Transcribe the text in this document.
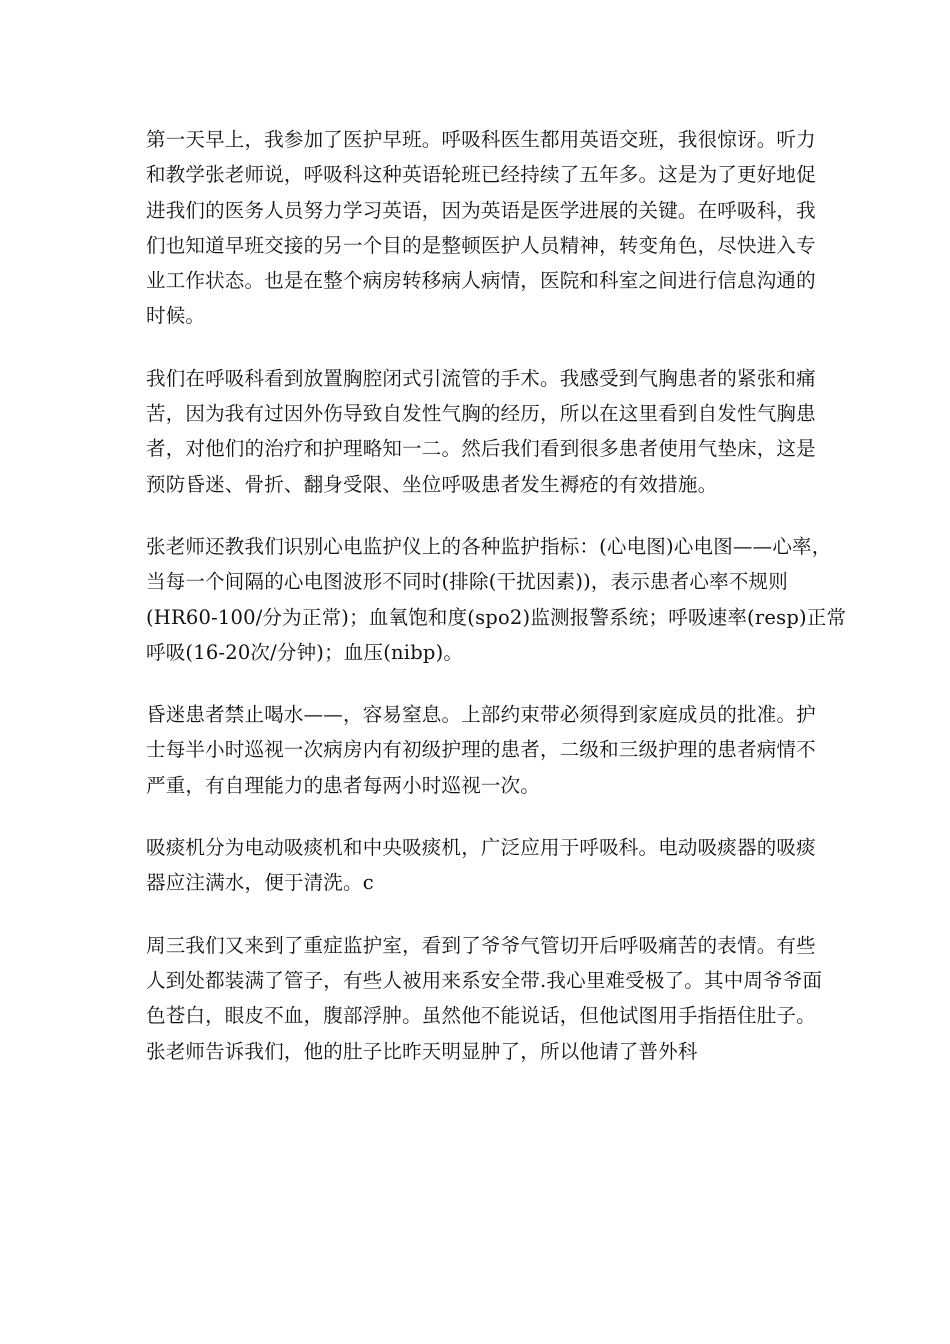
第一天早上，我参加了医护早班。呼吸科医生都用英语交班，我很惊讶。听力
和教学张老师说，呼吸科这种英语轮班已经持续了五年多。这是为了更好地促
进我们的医务人员努力学习英语，因为英语是医学进展的关键。在呼吸科，我
们也知道早班交接的另一个目的是整顿医护人员精神，转变角色，尽快进入专
业工作状态。也是在整个病房转移病人病情，医院和科室之间进行信息沟通的
时候。

我们在呼吸科看到放置胸腔闭式引流管的手术。我感受到气胸患者的紧张和痛
苦，因为我有过因外伤导致自发性气胸的经历，所以在这里看到自发性气胸患
者，对他们的治疗和护理略知一二。然后我们看到很多患者使用气垫床，这是
预防昏迷、骨折、翻身受限、坐位呼吸患者发生褥疮的有效措施。

张老师还教我们识别心电监护仪上的各种监护指标：(心电图)心电图——心率，
当每一个间隔的心电图波形不同时(排除(干扰因素))，表示患者心率不规则
(HR60-100/分为正常)；血氧饱和度(spo2)监测报警系统；呼吸速率(resp)正常
呼吸(16-20次/分钟)；血压(nibp)。

昏迷患者禁止喝水——，容易窒息。上部约束带必须得到家庭成员的批准。护
士每半小时巡视一次病房内有初级护理的患者，二级和三级护理的患者病情不
严重，有自理能力的患者每两小时巡视一次。

吸痰机分为电动吸痰机和中央吸痰机，广泛应用于呼吸科。电动吸痰器的吸痰
器应注满水，便于清洗。c

周三我们又来到了重症监护室，看到了爷爷气管切开后呼吸痛苦的表情。有些
人到处都装满了管子，有些人被用来系安全带.我心里难受极了。其中周爷爷面
色苍白，眼皮不血，腹部浮肿。虽然他不能说话，但他试图用手指捂住肚子。
张老师告诉我们，他的肚子比昨天明显肿了，所以他请了普外科
